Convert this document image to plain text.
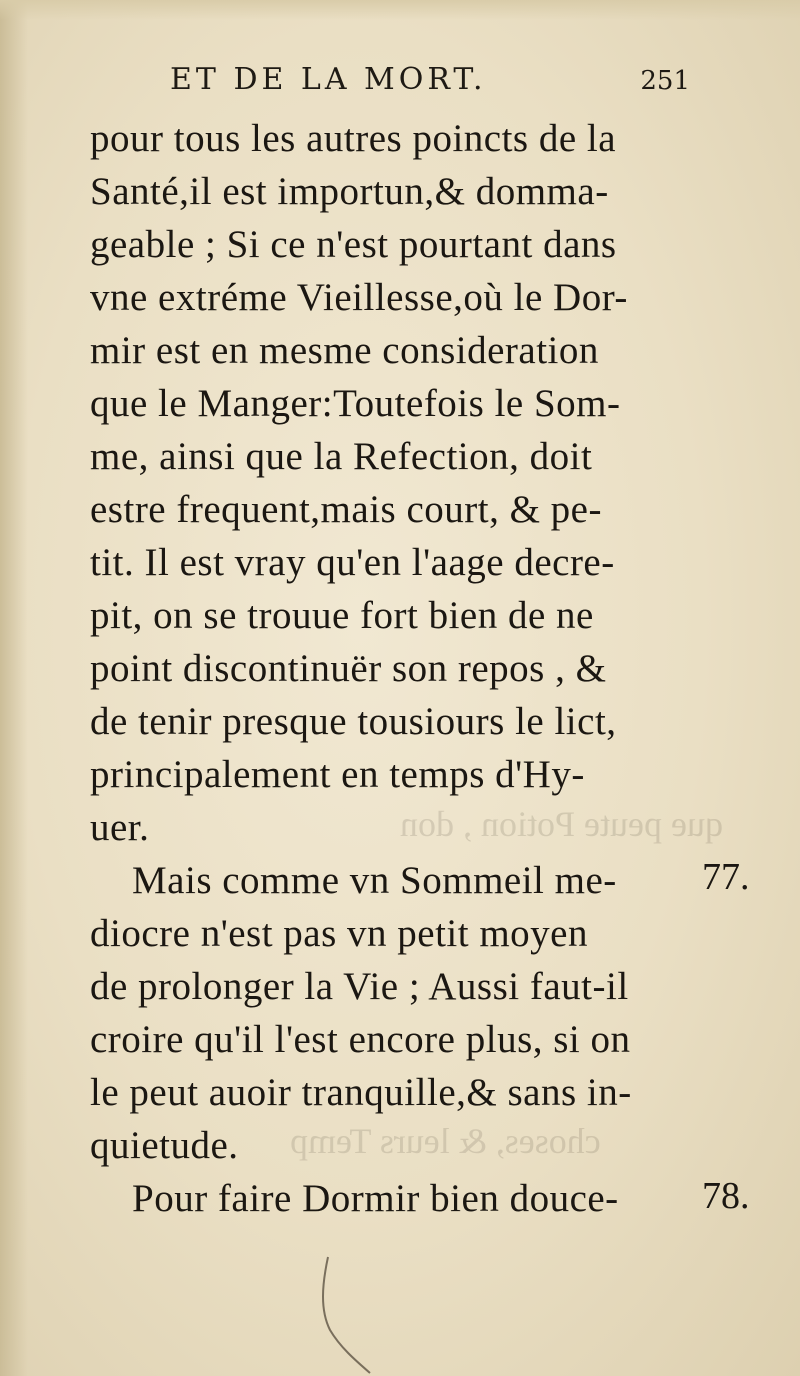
que peute Potion , don
choses, & leurs Temp
ET DE LA MORT.	251
pour tous les autres poincts de la
Santé,il est importun,& domma-
geable ; Si ce n'est pourtant dans
vne extréme Vieillesse,où le Dor-
mir est en mesme consideration
que le Manger:Toutefois le Som-
me, ainsi que la Refection, doit
estre frequent,mais court, & pe-
tit. Il est vray qu'en l'aage decre-
pit, on se trouue fort bien de ne
point discontinuër son repos , &
de tenir presque tousiours le lict,
principalement en temps d'Hy-
uer.
Mais comme vn Sommeil me-
diocre n'est pas vn petit moyen
de prolonger la Vie ; Aussi faut-il
croire qu'il l'est encore plus, si on
le peut auoir tranquille,& sans in-
quietude.
Pour faire Dormir bien douce-
77.
78.
